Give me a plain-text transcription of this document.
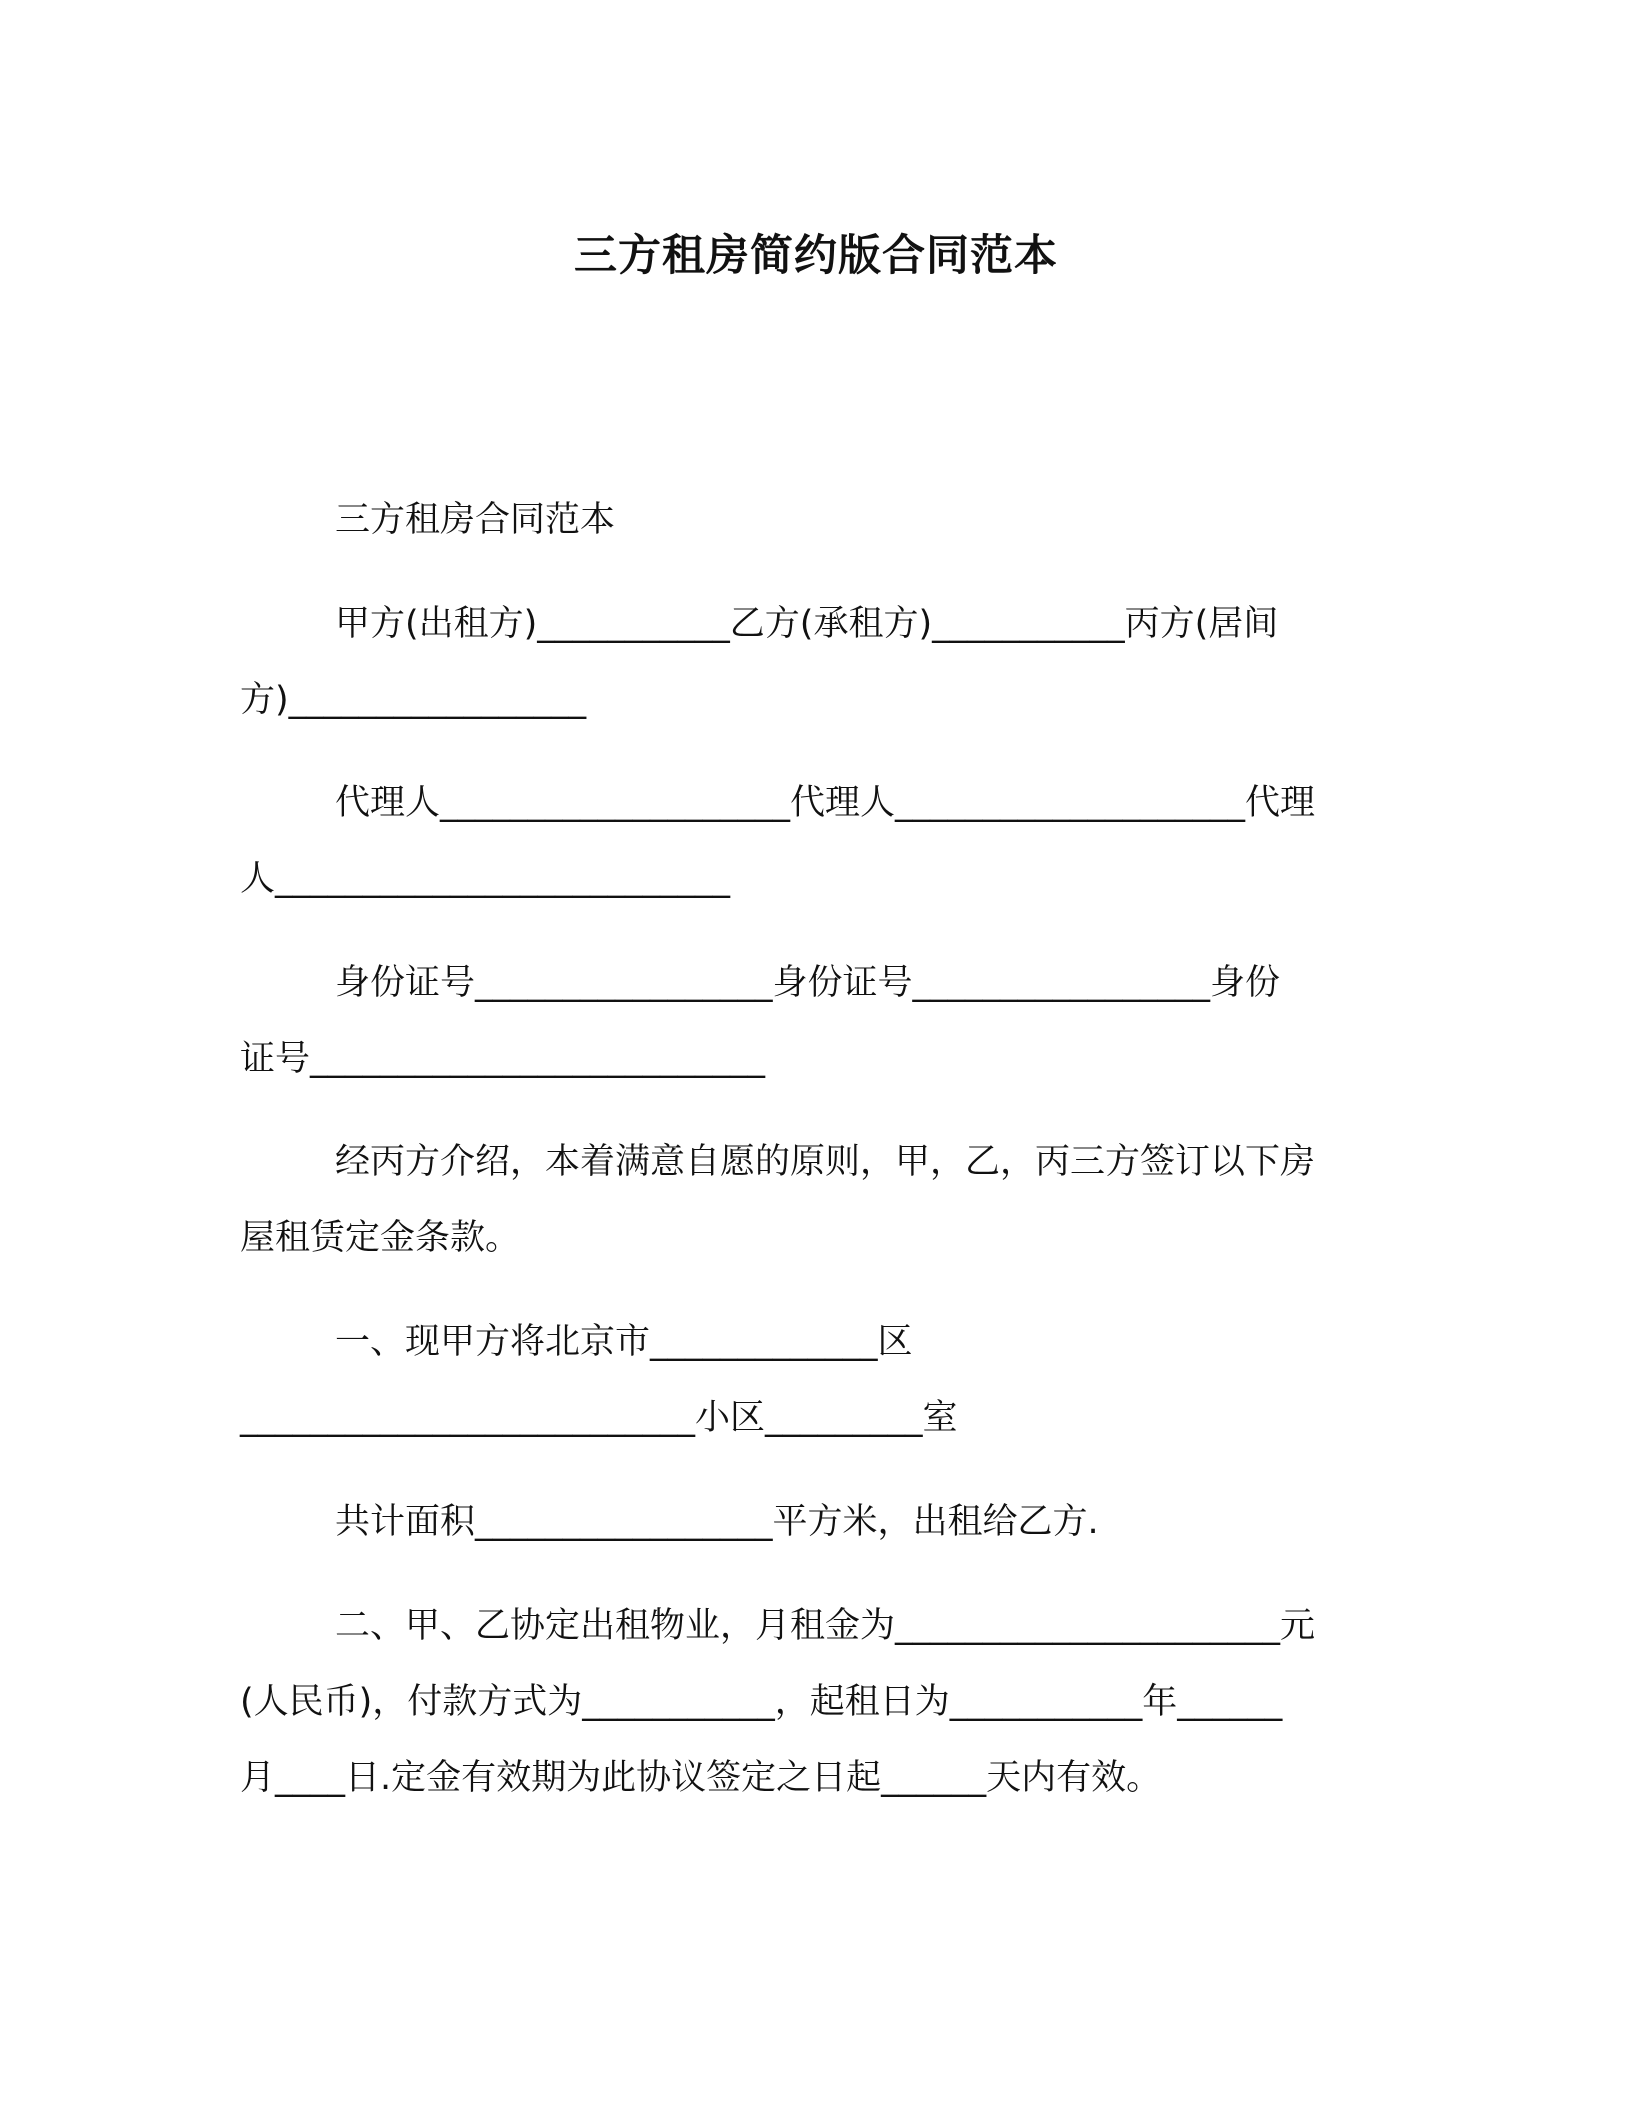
三方租房简约版合同范本
三方租房合同范本
甲方(出租方)___________乙方(承租方)___________丙方(居间
方)_________________
代理人____________________代理人____________________代理
人__________________________
身份证号_________________身份证号_________________身份
证号__________________________
经丙方介绍，本着满意自愿的原则，甲，乙，丙三方签订以下房
屋租赁定金条款。
一、现甲方将北京市_____________区
__________________________小区_________室
共计面积_________________平方米，出租给乙方.
二、甲、乙协定出租物业，月租金为______________________元
(人民币)，付款方式为___________，起租日为___________年______
月____日.定金有效期为此协议签定之日起______天内有效。
